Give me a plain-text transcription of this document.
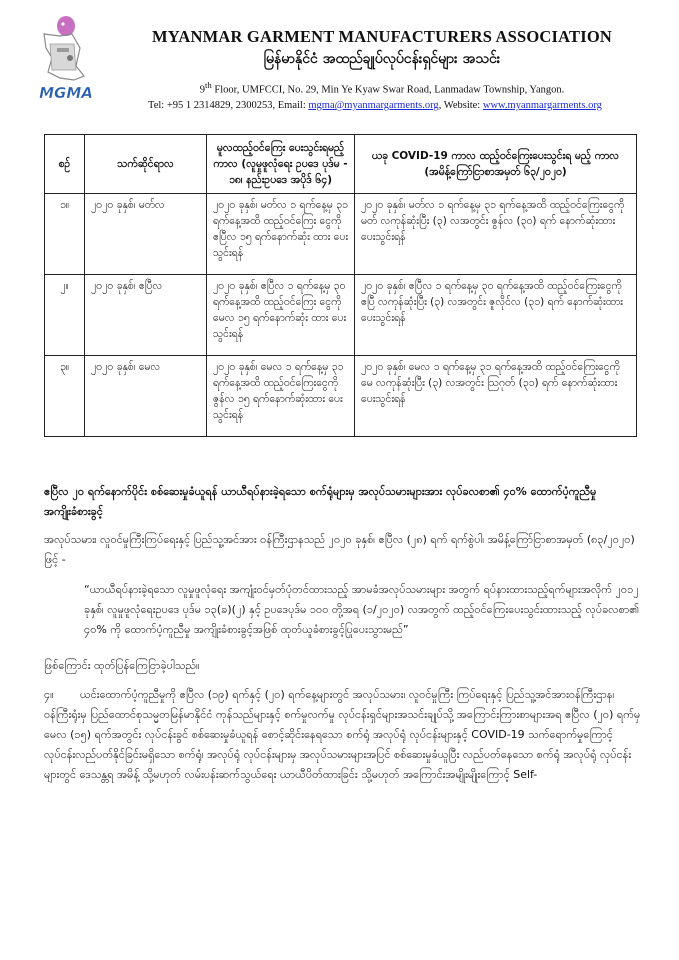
MGMA
MYANMAR GARMENT MANUFACTURERS ASSOCIATION
မြန်မာနိုင်ငံ အထည်ချုပ်လုပ်ငန်းရှင်များ အသင်း
9th Floor, UMFCCI, No. 29, Min Ye Kyaw Swar Road, Lanmadaw Township, Yangon.
Tel: +95 1 2314829, 2300253, Email: mgma@myanmargarments.org, Website: www.myanmargarments.org
စဉ်	သက်ဆိုင်ရာလ	မူလထည့်ဝင်ကြေး ပေးသွင်းရမည့် ကာလ (လူမှုဖူလုံရေး ဥပဒေ ပုဒ်မ - ၁၈၊ နည်းဥပဒေ အပိုဒ် ၆၄)	ယခု COVID-19 ကာလ ထည့်ဝင်ကြေးပေးသွင်းရ မည့် ကာလ (အမိန့်ကြော်ငြာစာအမှတ် ၆၃/၂၀၂၀)
၁။	၂၀၂၀ ခုနှစ်၊ မတ်လ	၂၀၂၀ ခုနှစ်၊ မတ်လ ၁ ရက်နေ့မှ ၃၁ ရက်နေ့အထိ ထည့်ဝင်ကြေး ငွေကို ဧပြီလ ၁၅ ရက်နောက်ဆုံး ထား ပေးသွင်းရန်	၂၀၂၀ ခုနှစ်၊ မတ်လ ၁ ရက်နေ့မှ ၃၁ ရက်နေ့အထိ ထည့်ဝင်ကြေးငွေကို မတ် လကုန်ဆုံးပြီး (၃) လအတွင်း ဇွန်လ (၃၀) ရက် နောက်ဆုံးထား ပေးသွင်းရန်
၂။	၂၀၂၀ ခုနှစ်၊ ဧပြီလ	၂၀၂၀ ခုနှစ်၊ ဧပြီလ ၁ ရက်နေ့မှ ၃၀ ရက်နေ့အထိ ထည့်ဝင်ကြေး ငွေကို မေလ ၁၅ ရက်နောက်ဆုံး ထား ပေးသွင်းရန်	၂၀၂၀ ခုနှစ်၊ ဧပြီလ ၁ ရက်နေ့မှ ၃၀ ရက်နေ့အထိ ထည့်ဝင်ကြေးငွေကို ဧပြီ လကုန်ဆုံးပြီး (၃) လအတွင်း ဇူလိုင်လ (၃၁) ရက် နောက်ဆုံးထား ပေးသွင်းရန်
၃။	၂၀၂၀ ခုနှစ်၊ မေလ	၂၀၂၀ ခုနှစ်၊ မေလ ၁ ရက်နေ့မှ ၃၁ ရက်နေ့အထိ ထည့်ဝင်ကြေးငွေကို ဇွန်လ ၁၅ ရက်နောက်ဆုံးထား ပေးသွင်းရန်	၂၀၂၀ ခုနှစ်၊ မေလ ၁ ရက်နေ့မှ ၃၁ ရက်နေ့အထိ ထည့်ဝင်ကြေးငွေကို မေ လကုန်ဆုံးပြီး (၃) လအတွင်း ဩဂုတ် (၃၁) ရက် နောက်ဆုံးထား ပေးသွင်းရန်
ဧပြီလ ၂၀ ရက်နောက်ပိုင်း စစ်ဆေးမှုခံယူရန် ယာယီရပ်နားခဲ့ရသော စက်ရုံများမှ အလုပ်သမားများအား လုပ်ခလစာ၏ ၄၀% ထောက်ပံ့ကူညီမှု အကျိုးခံစားခွင့်
အလုပ်သမား၊ လူဝင်မှုကြီးကြပ်ရေးနှင့် ပြည်သူ့အင်အား ဝန်ကြီးဌာနသည် ၂၀၂၀ ခုနှစ်၊ ဧပြီလ (၂၈) ရက် ရက်စွဲပါ၊ အမိန့်ကြော်ငြာစာအမှတ် (၈၃/၂၀၂၀) ဖြင့် -
“ယာယီရပ်နားခဲ့ရသော လူမှုဖူလုံရေး အကျုံးဝင်မှတ်ပုံတင်ထားသည့် အာမခံအလုပ်သမားများ အတွက် ရပ်နားထားသည့်ရက်များအလိုက် ၂၀၁၂ ခုနှစ်၊ လူမှုဖူလုံရေးဥပဒေ ပုဒ်မ ၁၃(ခ)(၂) နှင့် ဥပဒေပုဒ်မ ၁၀၀ တို့အရ (၁/၂၀၂၀) လအတွက် ထည့်ဝင်ကြေးပေးသွင်းထားသည့် လုပ်ခလစာ၏ ၄၀% ကို ထောက်ပံ့ကူညီမှု အကျိုးခံစားခွင့်အဖြစ် ထုတ်ယူခံစားခွင့်ပြုပေးသွားမည်”
ဖြစ်ကြောင်း ထုတ်ပြန်ကြေငြာခဲ့ပါသည်။
၄။ ယင်းထောက်ပံ့ကူညီမှုကို ဧပြီလ (၁၉) ရက်နှင့် (၂၀) ရက်နေ့များတွင် အလုပ်သမား၊ လူဝင်မှုကြီး ကြပ်ရေးနှင့် ပြည်သူ့အင်အားဝန်ကြီးဌာန၊ ဝန်ကြီးရုံးမှ ပြည်ထောင်စုသမ္မတမြန်မာနိုင်ငံ ကုန်သည်များနှင့် စက်မှုလက်မှု လုပ်ငန်းရှင်များအသင်းချုပ်သို့ အကြောင်းကြားစာများအရ ဧပြီလ (၂၀) ရက်မှ မေလ (၁၅) ရက်အတွင်း လုပ်ငန်းခွင် စစ်ဆေးမှုခံယူရန် စောင့်ဆိုင်းနေရသော စက်ရုံ အလုပ်ရုံ လုပ်ငန်းများနှင့် COVID-19 သက်ရောက်မှုကြောင့် လုပ်ငန်းလည်ပတ်နိုင်ခြင်းမရှိသော စက်ရုံ၊ အလုပ်ရုံ လုပ်ငန်းများမှ အလုပ်သမားများအပြင် စစ်ဆေးမှုခံယူပြီး လည်ပတ်နေသော စက်ရုံ အလုပ်ရုံ လုပ်ငန်းများတွင် ဒေသန္တရ အမိန့် သို့မဟုတ် လမ်းပန်းဆက်သွယ်ရေး ယာယီပိတ်ထားခြင်း သို့မဟုတ် အကြောင်းအမျိုးမျိုးကြောင့် Self-
